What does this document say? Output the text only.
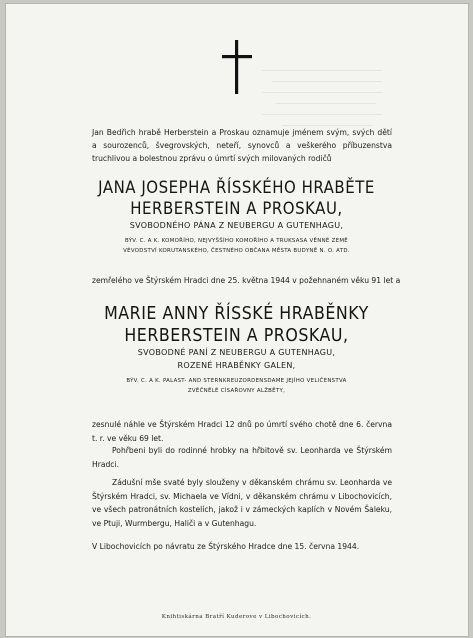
Jan Bedřich hrabě Herberstein a Proskau oznamuje jménem svým, svých dětí a sourozenců, švegrovských, neteří, synovců a veškerého příbuzenstva truchlivou a bolestnou zprávu o úmrtí svých milovaných rodičů

JANA JOSEPHA ŘÍSSKÉHO HRABĚTE
HERBERSTEIN A PROSKAU,

SVOBODNÉHO PÁNA Z NEUBERGU A GUTENHAGU,

BÝV. C. A K. KOMOŘÍHO, NEJVYŠŠÍHO KOMOŘÍHO A TRUKSASA VĚNNÉ ZEMĚ

VÉVODSTVÍ KORUTANSKÉHO, ČESTNÉHO OBČANA MĚSTA BUDYNĚ N. O. ATD.

zemřelého ve Štýrském Hradci dne 25. května 1944 v požehnaném věku 91 let a

MARIE ANNY ŘÍSSKÉ HRABĚNKY
HERBERSTEIN A PROSKAU,

SVOBODNÉ PANÍ Z NEUBERGU A GUTENHAGU,

ROZENÉ HRABĚNKY GALEN,

BÝV. C. A K. PALAST- AND STERNKREUZORDENSDAME JEJÍHO VELIČENSTVA

ZVĚČNĚLÉ CÍSAŘOVNY ALŽBĚTY,

zesnulé náhle ve Štýrském Hradci 12 dnů po úmrtí svého chotě dne 6. června t. r. ve věku 69 let.

Pohřbeni byli do rodinné hrobky na hřbitově sv. Leonharda ve Štýrském Hradci.

Zádušní mše svaté byly slouženy v děkanském chrámu sv. Leonharda ve Štýrském Hradci, sv. Michaela ve Vídni, v děkanském chrámu v Libochovicích, ve všech patronátních kostelích, jakož i v zámeckých kaplích v Novém Šaleku, ve Ptuji, Wurmbergu, Haliči a v Gutenhagu.

V Libochovicích po návratu ze Štýrského Hradce dne 15. června 1944.

Knihtiskárna Bratří Kuderove v Libochovicích.
